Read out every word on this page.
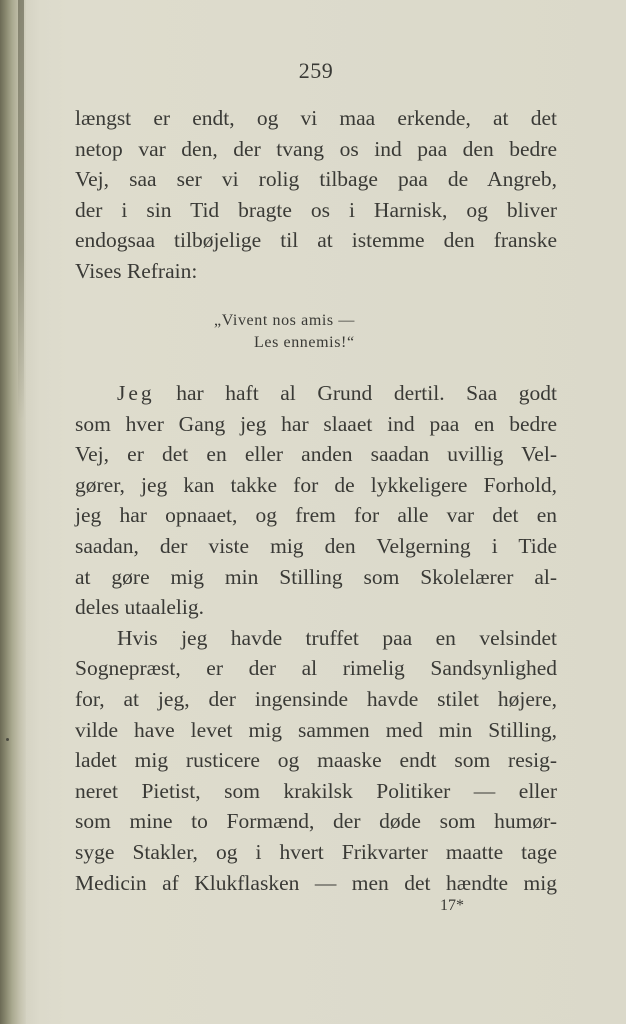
259
længst er endt, og vi maa erkende, at det
netop var den, der tvang os ind paa den bedre
Vej, saa ser vi rolig tilbage paa de Angreb,
der i sin Tid bragte os i Harnisk, og bliver
endogsaa tilbøjelige til at istemme den franske
Vises Refrain:
„Vivent nos amis —
Les ennemis!“
Jeg har haft al Grund dertil. Saa godt
som hver Gang jeg har slaaet ind paa en bedre
Vej, er det en eller anden saadan uvillig Vel-
gører, jeg kan takke for de lykkeligere Forhold,
jeg har opnaaet, og frem for alle var det en
saadan, der viste mig den Velgerning i Tide
at gøre mig min Stilling som Skolelærer al-
deles utaalelig.
Hvis jeg havde truffet paa en velsindet
Sognepræst, er der al rimelig Sandsynlighed
for, at jeg, der ingensinde havde stilet højere,
vilde have levet mig sammen med min Stilling,
ladet mig rusticere og maaske endt som resig-
neret Pietist, som krakilsk Politiker — eller
som mine to Formænd, der døde som humør-
syge Stakler, og i hvert Frikvarter maatte tage
Medicin af Klukflasken — men det hændte mig
17*
